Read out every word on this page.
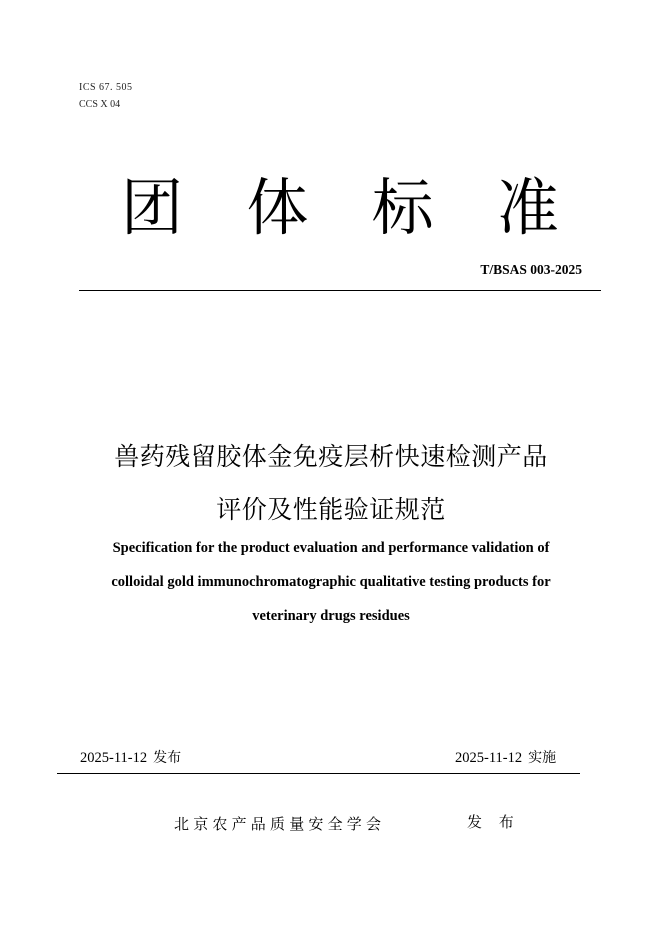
ICS 67. 505
CCS X 04
团 体 标 准
T/BSAS 003-2025
兽药残留胶体金免疫层析快速检测产品
评价及性能验证规范
Specification for the product evaluation and performance validation of
colloidal gold immunochromatographic qualitative testing products for
veterinary drugs residues
2025-11-12 发布	2025-11-12 实施
北京农产品质量安全学会	发 布
